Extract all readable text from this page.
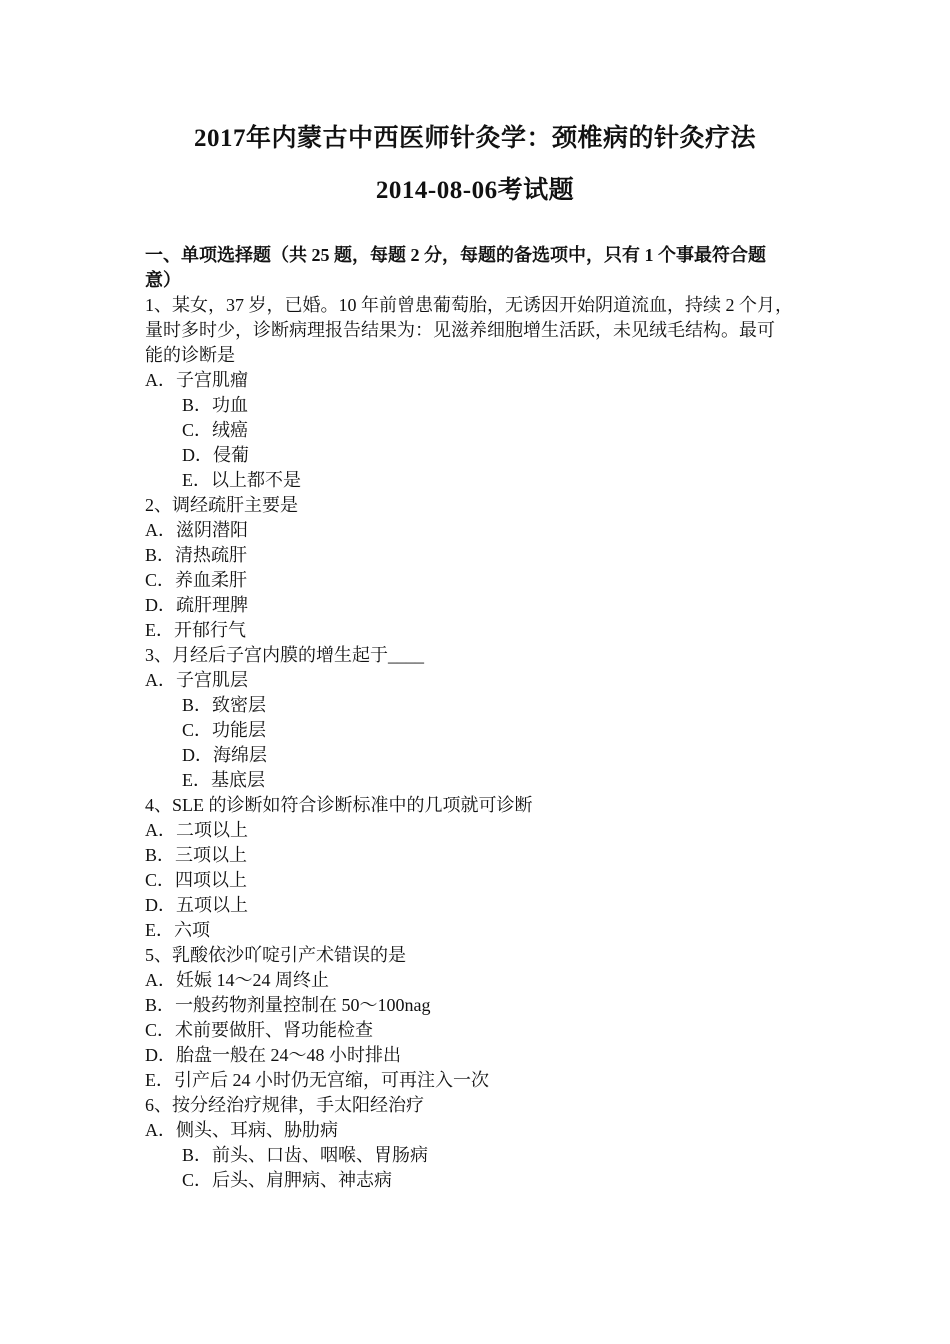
2017年内蒙古中西医师针灸学：颈椎病的针灸疗法
2014-08-06考试题
一、单项选择题（共 25 题，每题 2 分，每题的备选项中，只有 1 个事最符合题
意）
1、某女，37 岁，已婚。10 年前曾患葡萄胎，无诱因开始阴道流血，持续 2 个月，
量时多时少，诊断病理报告结果为：见滋养细胞增生活跃，未见绒毛结构。最可
能的诊断是
A．子宫肌瘤
B．功血
C．绒癌
D．侵葡
E．以上都不是
2、调经疏肝主要是
A．滋阴潜阳
B．清热疏肝
C．养血柔肝
D．疏肝理脾
E．开郁行气
3、月经后子宫内膜的增生起于____
A．子宫肌层
B．致密层
C．功能层
D．海绵层
E．基底层
4、SLE 的诊断如符合诊断标准中的几项就可诊断
A．二项以上
B．三项以上
C．四项以上
D．五项以上
E．六项
5、乳酸依沙吖啶引产术错误的是
A．妊娠 14～24 周终止
B．一般药物剂量控制在 50～100nag
C．术前要做肝、肾功能检查
D．胎盘一般在 24～48 小时排出
E．引产后 24 小时仍无宫缩，可再注入一次
6、按分经治疗规律，手太阳经治疗
A．侧头、耳病、胁肋病
B．前头、口齿、咽喉、胃肠病
C．后头、肩胛病、神志病
